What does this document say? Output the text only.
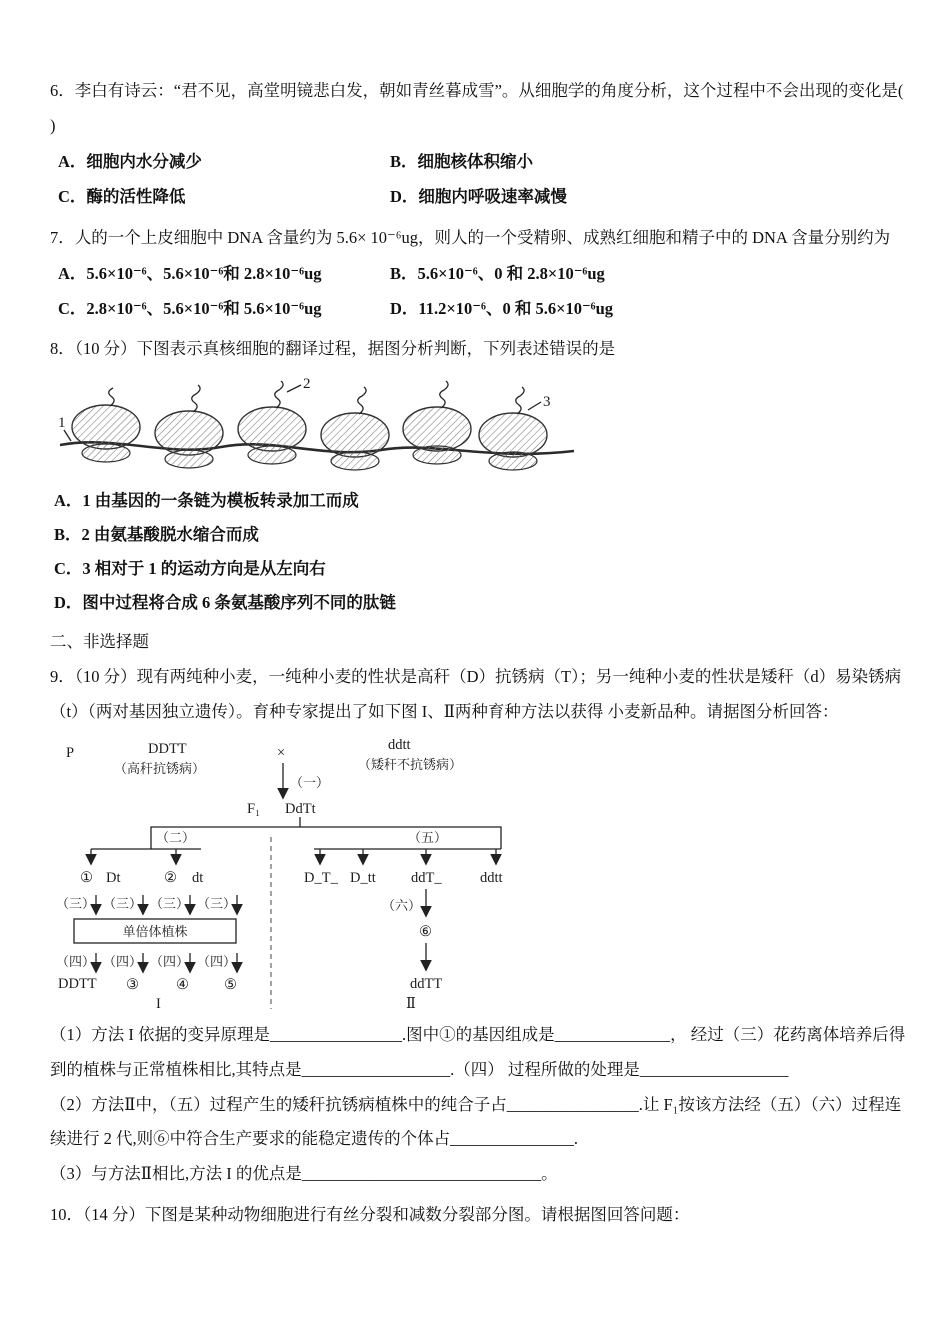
6．李白有诗云：“君不见，高堂明镜悲白发，朝如青丝暮成雪”。从细胞学的角度分析，这个过程中不会出现的变化是( )

A．细胞内水分减少	B．细胞核体积缩小

C．酶的活性降低	D．细胞内呼吸速率减慢

7．人的一个上皮细胞中 DNA 含量约为 5.6× 10⁻⁶ug，则人的一个受精卵、成熟红细胞和精子中的 DNA 含量分别约为

A．5.6×10⁻⁶、5.6×10⁻⁶和 2.8×10⁻⁶ug	B．5.6×10⁻⁶、0 和 2.8×10⁻⁶ug

C．2.8×10⁻⁶、5.6×10⁻⁶和 5.6×10⁻⁶ug	D．11.2×10⁻⁶、0 和 5.6×10⁻⁶ug

8．（10 分）下图表示真核细胞的翻译过程，据图分析判断，下列表述错误的是

1
2
3

A．1 由基因的一条链为模板转录加工而成

B．2 由氨基酸脱水缩合而成

C．3 相对于 1 的运动方向是从左向右

D．图中过程将合成 6 条氨基酸序列不同的肽链

二、非选择题

9．（10 分）现有两纯种小麦，一纯种小麦的性状是高秆（D）抗锈病（T）；另一纯种小麦的性状是矮秆（d）易染锈病（t）（两对基因独立遗传）。育种专家提出了如下图 I、Ⅱ两种育种方法以获得 小麦新品种。请据图分析回答：

P	DDTT
（高秆抗锈病）
×	ddtt
（矮秆不抗锈病）
（一）
F₁ DdTt
（二）	（五）
① Dt	② dt
（三） （三） （三） （三）
单倍体植株
（四） （四） （四） （四）
DDTT ③	④ ⑤
I
D_T_ D_tt ddT_	ddtt
（六）
⑥
ddTT
Ⅱ

（1）方法 I 依据的变异原理是________________.图中①的基因组成是______________， 经过（三）花药离体培养后得到的植株与正常植株相比,其特点是__________________.（四） 过程所做的处理是__________________

（2）方法Ⅱ中，（五）过程产生的矮秆抗锈病植株中的纯合子占________________.让 F₁按该方法经（五）（六）过程连续进行 2 代,则⑥中符合生产要求的能稳定遗传的个体占_______________.

（3）与方法Ⅱ相比,方法 I 的优点是_____________________________。

10．（14 分）下图是某种动物细胞进行有丝分裂和减数分裂部分图。请根据图回答问题：
